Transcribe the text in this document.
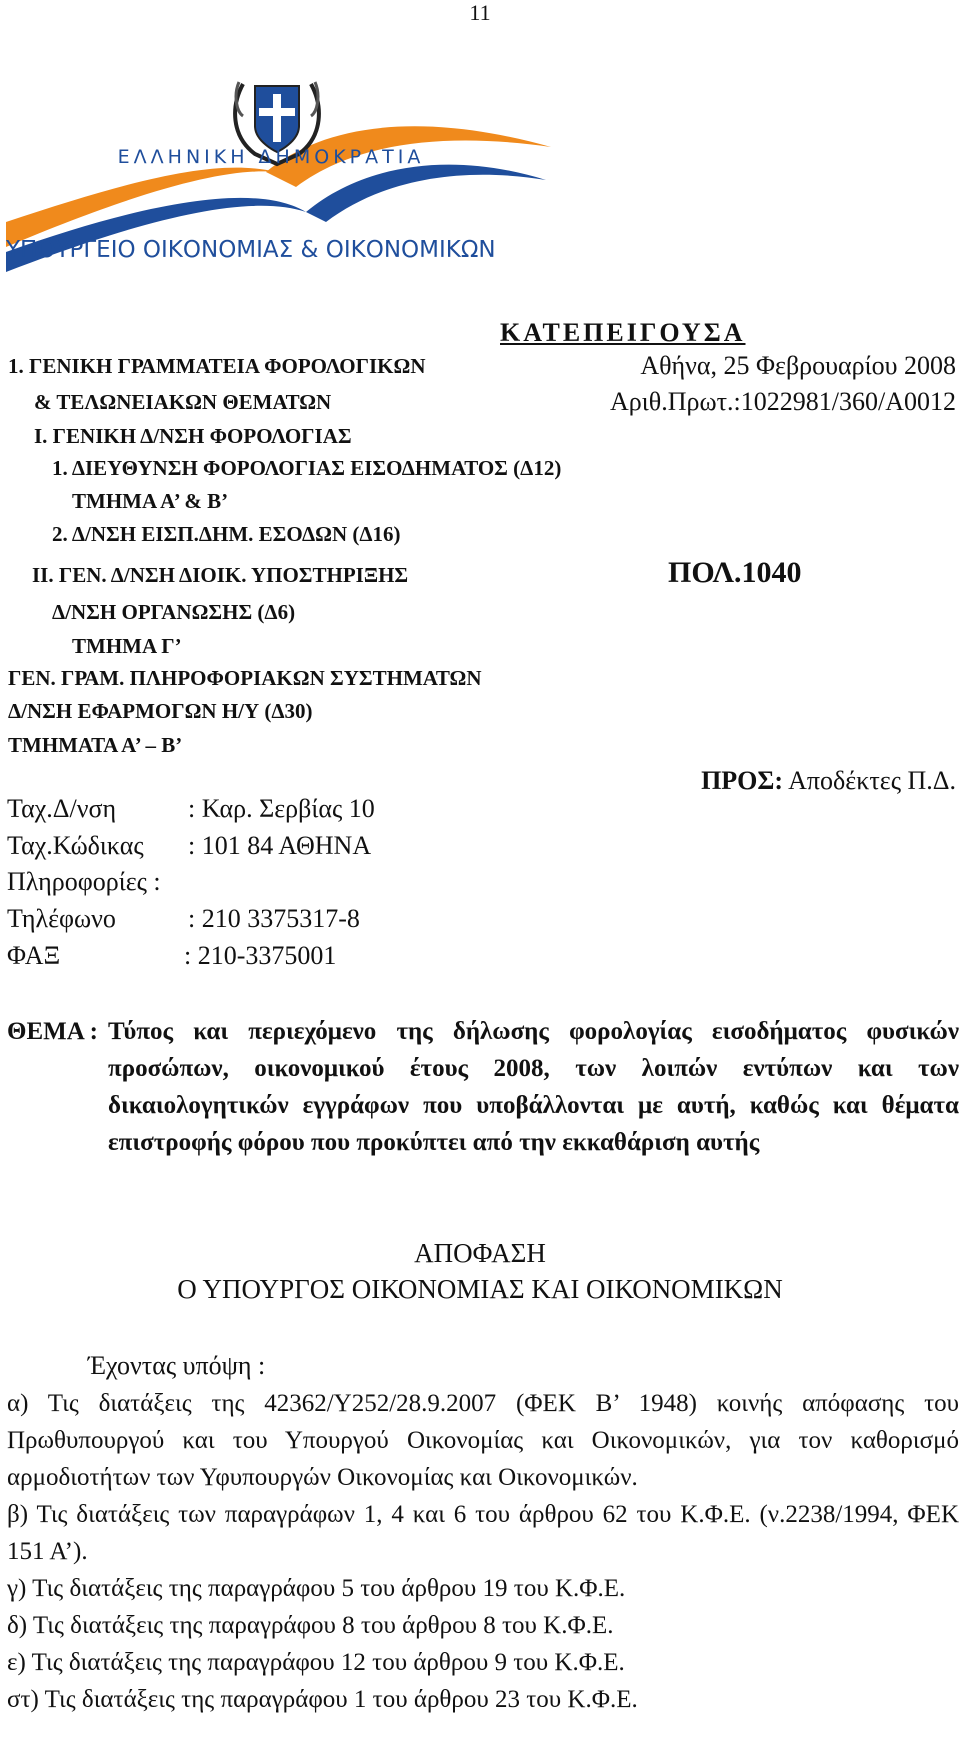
11
ΕΛΛΗΝΙΚΗ ΔΗΜΟΚΡΑΤΙΑ
ΥΠΟΥΡΓΕΙΟ ΟΙΚΟΝΟΜΙΑΣ & ΟΙΚΟΝΟΜΙΚΩΝ
ΚΑΤΕΠΕΙΓΟΥΣΑ
1. ΓΕΝΙΚΗ ΓΡΑΜΜΑΤΕΙΑ ΦΟΡΟΛΟΓΙΚΩΝ
& ΤΕΛΩΝΕΙΑΚΩΝ ΘΕΜΑΤΩΝ
Ι. ΓΕΝΙΚΗ Δ/ΝΣΗ ΦΟΡΟΛΟΓΙΑΣ
1. ΔΙΕΥΘΥΝΣΗ ΦΟΡΟΛΟΓΙΑΣ ΕΙΣΟΔΗΜΑΤΟΣ (Δ12)
ΤΜΗΜΑ Α’ & Β’
2. Δ/ΝΣΗ ΕΙΣΠ.ΔΗΜ. ΕΣΟΔΩΝ (Δ16)
ΙΙ. ΓΕΝ. Δ/ΝΣΗ ΔΙΟΙΚ. ΥΠΟΣΤΗΡΙΞΗΣ
Δ/ΝΣΗ ΟΡΓΑΝΩΣΗΣ (Δ6)
ΤΜΗΜΑ Γ’
ΓΕΝ. ΓΡΑΜ. ΠΛΗΡΟΦΟΡΙΑΚΩΝ ΣΥΣΤΗΜΑΤΩΝ
Δ/ΝΣΗ ΕΦΑΡΜΟΓΩΝ Η/Υ (Δ30)
ΤΜΗΜΑΤΑ Α’ – Β’
Αθήνα, 25 Φεβρουαρίου 2008
Αριθ.Πρωτ.:1022981/360/Α0012
ΠΟΛ.1040
ΠΡΟΣ: Αποδέκτες Π.Δ.
Ταχ.Δ/νση	: Καρ. Σερβίας 10
Ταχ.Κώδικας : 101 84 ΑΘΗΝΑ
Πληροφορίες :
Τηλέφωνο	: 210 3375317-8
ΦΑΞ	: 210-3375001
ΘΕΜΑ : Τύπος και περιεχόμενο της δήλωσης φορολογίας εισοδήματος φυσικών προσώπων, οικονομικού έτους 2008, των λοιπών εντύπων και των δικαιολογητικών εγγράφων που υποβάλλονται με αυτή, καθώς και θέματα επιστροφής φόρου που προκύπτει από την εκκαθάριση αυτής
ΑΠΟΦΑΣΗ
Ο ΥΠΟΥΡΓΟΣ ΟΙΚΟΝΟΜΙΑΣ ΚΑΙ ΟΙΚΟΝΟΜΙΚΩΝ
Έχοντας υπόψη :

α) Τις διατάξεις της 42362/Υ252/28.9.2007 (ΦΕΚ Β’ 1948) κοινής απόφασης του Πρωθυπουργού και του Υπουργού Οικονομίας και Οικονομικών, για τον καθορισμό αρμοδιοτήτων των Υφυπουργών Οικονομίας και Οικονομικών.

β) Τις διατάξεις των παραγράφων 1, 4 και 6 του άρθρου 62 του Κ.Φ.Ε. (ν.2238/1994, ΦΕΚ 151 Α’).

γ) Τις διατάξεις της παραγράφου 5 του άρθρου 19 του Κ.Φ.Ε.

δ) Τις διατάξεις της παραγράφου 8 του άρθρου 8 του Κ.Φ.Ε.

ε) Τις διατάξεις της παραγράφου 12 του άρθρου 9 του Κ.Φ.Ε.

στ) Τις διατάξεις της παραγράφου 1 του άρθρου 23 του Κ.Φ.Ε.
